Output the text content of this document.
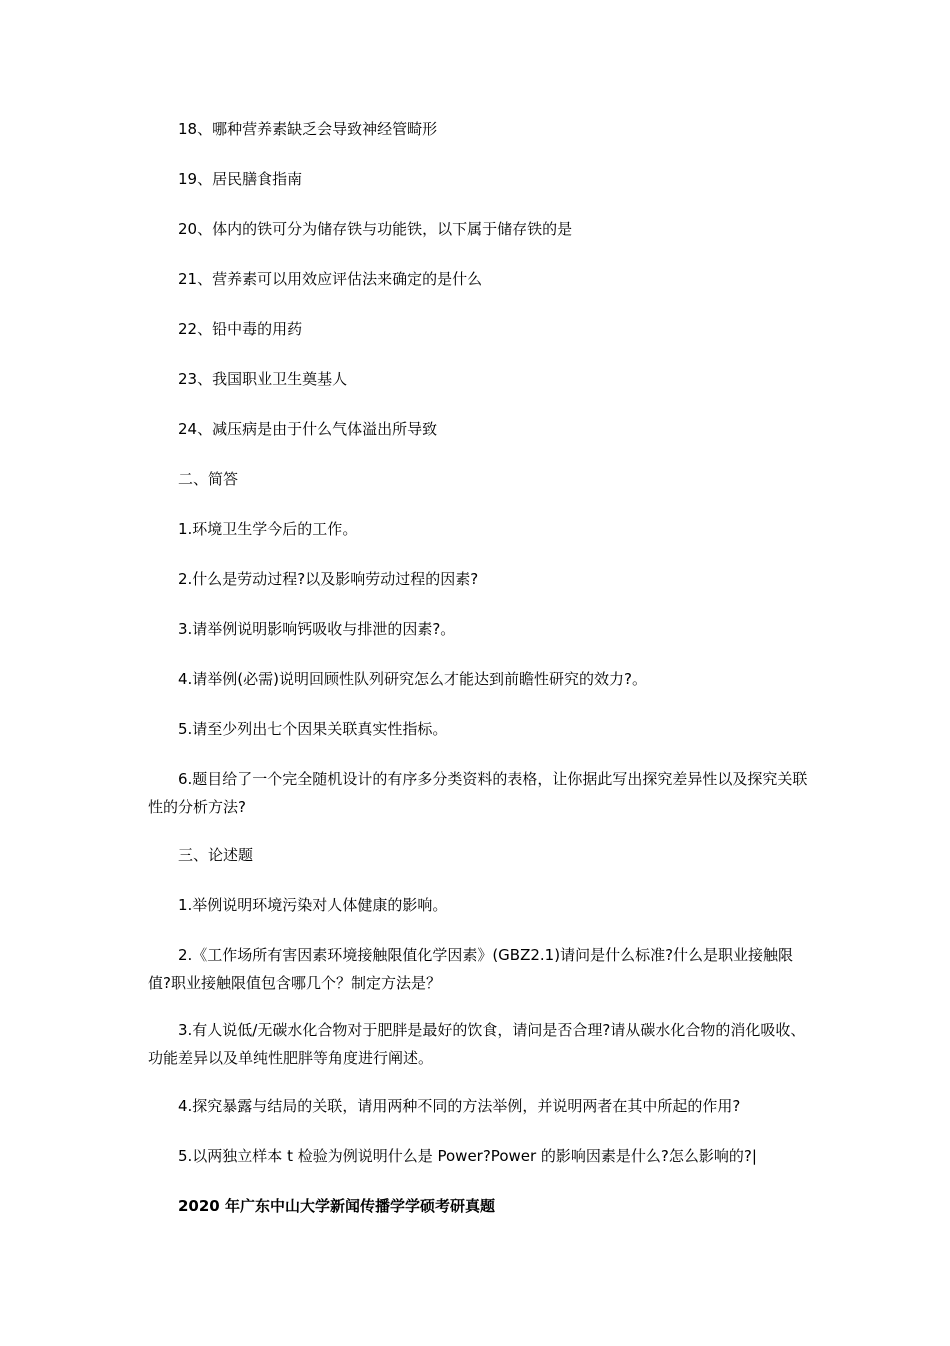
18、哪种营养素缺乏会导致神经管畸形
19、居民膳食指南
20、体内的铁可分为储存铁与功能铁，以下属于储存铁的是
21、营养素可以用效应评估法来确定的是什么
22、铅中毒的用药
23、我国职业卫生奠基人
24、减压病是由于什么气体溢出所导致
二、简答
1.环境卫生学今后的工作。
2.什么是劳动过程?以及影响劳动过程的因素?
3.请举例说明影响钙吸收与排泄的因素?。
4.请举例(必需)说明回顾性队列研究怎么才能达到前瞻性研究的效力?。
5.请至少列出七个因果关联真实性指标。
6.题目给了一个完全随机设计的有序多分类资料的表格，让你据此写出探究差异性以及探究关联性的分析方法?
三、论述题
1.举例说明环境污染对人体健康的影响。
2.《工作场所有害因素环境接触限值化学因素》(GBZ2.1)请问是什么标准?什么是职业接触限值?职业接触限值包含哪几个？制定方法是？
3.有人说低/无碳水化合物对于肥胖是最好的饮食，请问是否合理?请从碳水化合物的消化吸收、功能差异以及单纯性肥胖等角度进行阐述。
4.探究暴露与结局的关联，请用两种不同的方法举例，并说明两者在其中所起的作用?
5.以两独立样本 t 检验为例说明什么是 Power?Power 的影响因素是什么?怎么影响的?|
2020 年广东中山大学新闻传播学学硕考研真题
